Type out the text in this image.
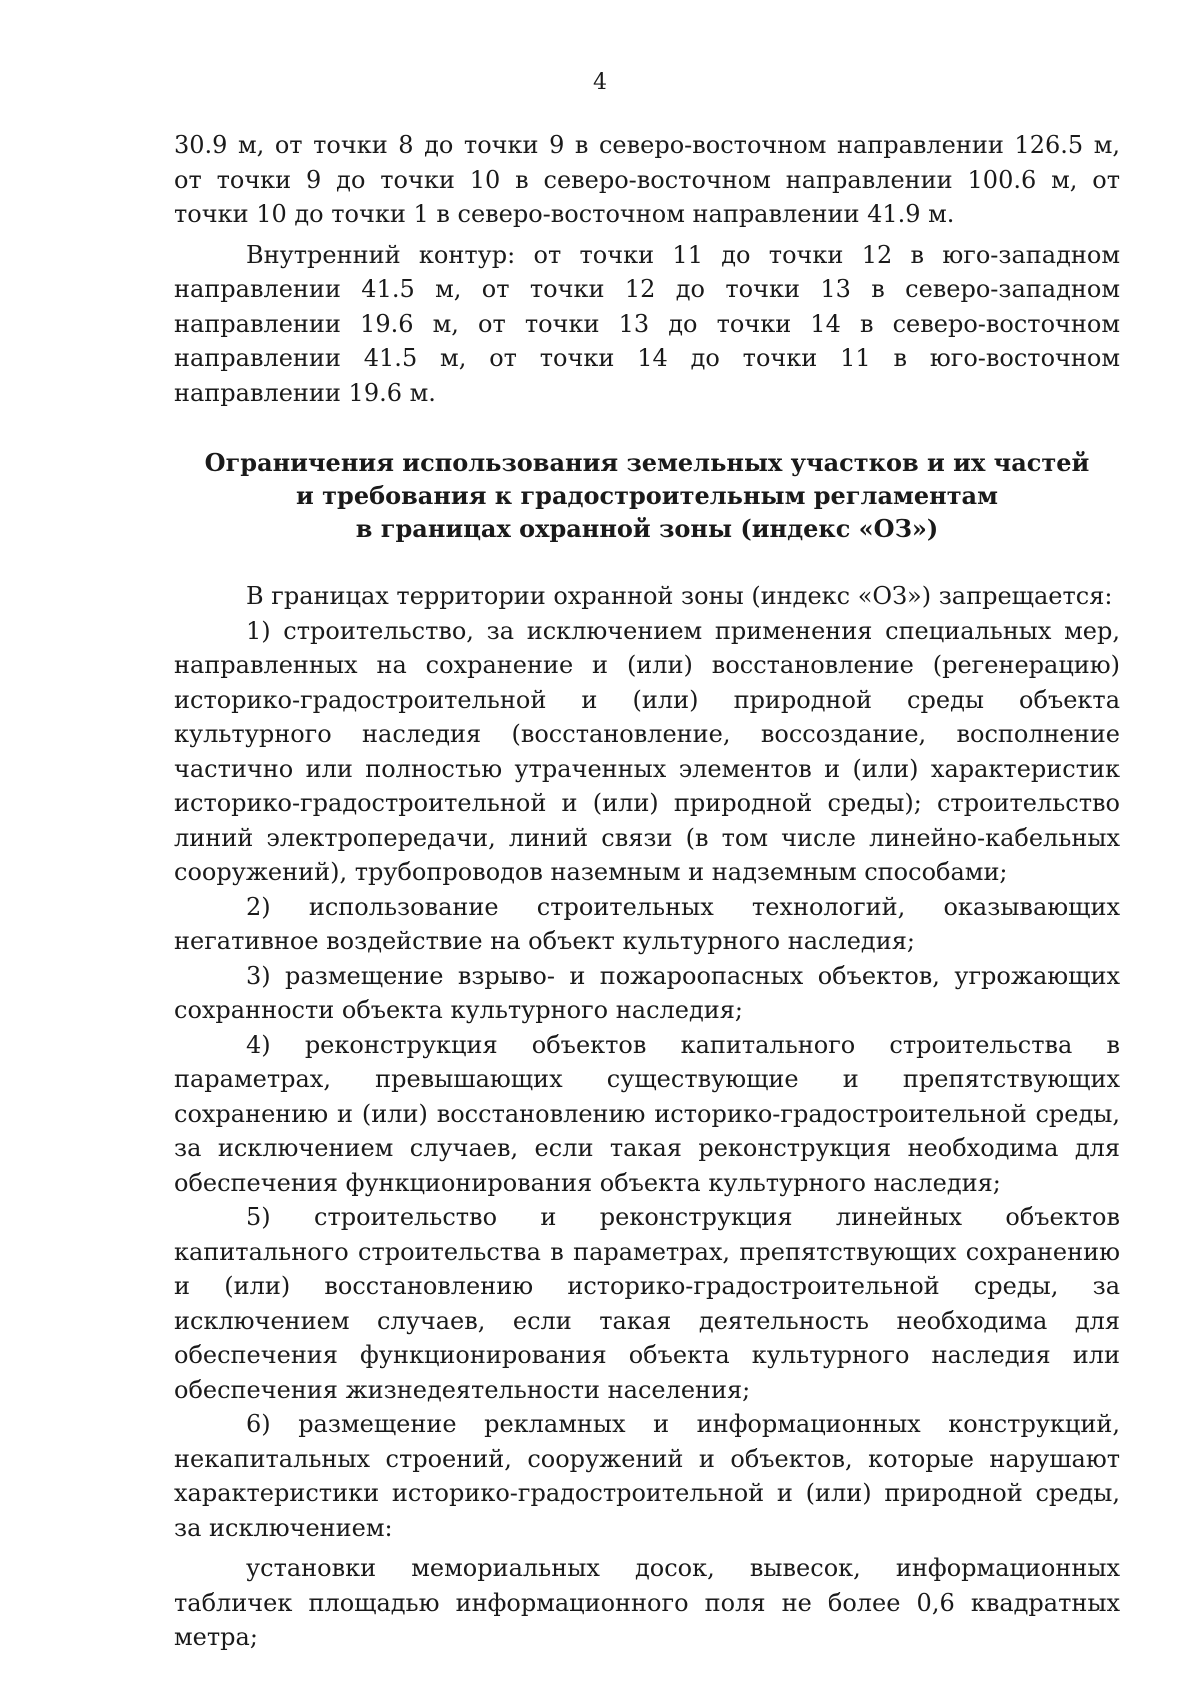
4

30.9 м, от точки 8 до точки 9 в северо-восточном направлении 126.5 м, от точки 9 до точки 10 в северо-восточном направлении 100.6 м, от точки 10 до точки 1 в северо-восточном направлении 41.9 м.

Внутренний контур: от точки 11 до точки 12 в юго-западном направлении 41.5 м, от точки 12 до точки 13 в северо-западном направлении 19.6 м, от точки 13 до точки 14 в северо-восточном направлении 41.5 м, от точки 14 до точки 11 в юго-восточном направлении 19.6 м.

Ограничения использования земельных участков и их частей
и требования к градостроительным регламентам
в границах охранной зоны (индекс «ОЗ»)

В границах территории охранной зоны (индекс «ОЗ») запрещается:

1) строительство, за исключением применения специальных мер, направленных на сохранение и (или) восстановление (регенерацию) историко-градостроительной и (или) природной среды объекта культурного наследия (восстановление, воссоздание, восполнение частично или полностью утраченных элементов и (или) характеристик историко-градостроительной и (или) природной среды); строительство линий электропередачи, линий связи (в том числе линейно-кабельных сооружений), трубопроводов наземным и надземным способами;

2) использование строительных технологий, оказывающих негативное воздействие на объект культурного наследия;

3) размещение взрыво- и пожароопасных объектов, угрожающих сохранности объекта культурного наследия;

4) реконструкция объектов капитального строительства в параметрах, превышающих существующие и препятствующих сохранению и (или) восстановлению историко-градостроительной среды, за исключением случаев, если такая реконструкция необходима для обеспечения функционирования объекта культурного наследия;

5) строительство и реконструкция линейных объектов капитального строительства в параметрах, препятствующих сохранению и (или) восстановлению историко-градостроительной среды, за исключением случаев, если такая деятельность необходима для обеспечения функционирования объекта культурного наследия или обеспечения жизнедеятельности населения;

6) размещение рекламных и информационных конструкций, некапитальных строений, сооружений и объектов, которые нарушают характеристики историко-градостроительной и (или) природной среды, за исключением:

установки мемориальных досок, вывесок, информационных табличек площадью информационного поля не более 0,6 квадратных метра;
